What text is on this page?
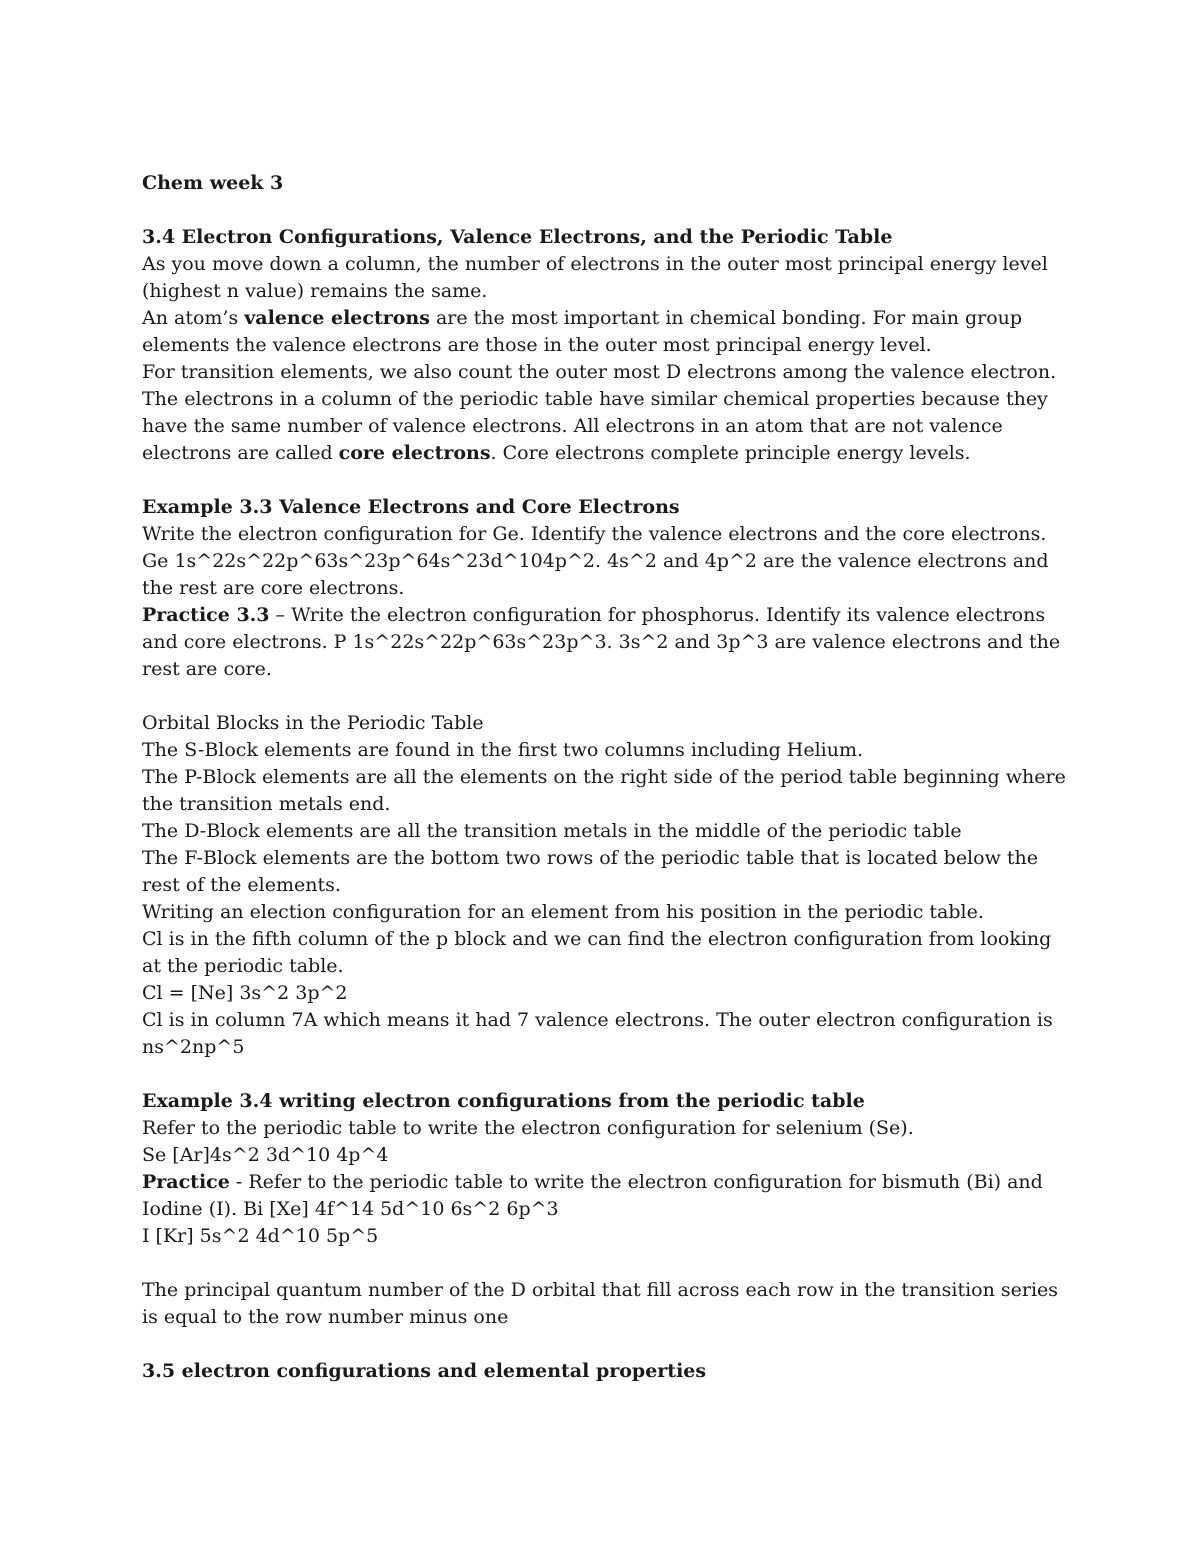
Chem week 3

3.4 Electron Configurations, Valence Electrons, and the Periodic Table

As you move down a column, the number of electrons in the outer most principal energy level (highest n value) remains the same.

An atom’s valence electrons are the most important in chemical bonding. For main group elements the valence electrons are those in the outer most principal energy level.

For transition elements, we also count the outer most D electrons among the valence electron.

The electrons in a column of the periodic table have similar chemical properties because they have the same number of valence electrons. All electrons in an atom that are not valence electrons are called core electrons. Core electrons complete principle energy levels.

Example 3.3 Valence Electrons and Core Electrons

Write the electron configuration for Ge. Identify the valence electrons and the core electrons.

Ge 1s^22s^22p^63s^23p^64s^23d^104p^2. 4s^2 and 4p^2 are the valence electrons and the rest are core electrons.

Practice 3.3 – Write the electron configuration for phosphorus. Identify its valence electrons and core electrons. P 1s^22s^22p^63s^23p^3. 3s^2 and 3p^3 are valence electrons and the rest are core.

Orbital Blocks in the Periodic Table

The S-Block elements are found in the first two columns including Helium.

The P-Block elements are all the elements on the right side of the period table beginning where the transition metals end.

The D-Block elements are all the transition metals in the middle of the periodic table

The F-Block elements are the bottom two rows of the periodic table that is located below the rest of the elements.

Writing an election configuration for an element from his position in the periodic table.

Cl is in the fifth column of the p block and we can find the electron configuration from looking at the periodic table.

Cl = [Ne] 3s^2 3p^2

Cl is in column 7A which means it had 7 valence electrons. The outer electron configuration is ns^2np^5

Example 3.4 writing electron configurations from the periodic table

Refer to the periodic table to write the electron configuration for selenium (Se).

Se [Ar]4s^2 3d^10 4p^4

Practice - Refer to the periodic table to write the electron configuration for bismuth (Bi) and Iodine (I). Bi [Xe] 4f^14 5d^10 6s^2 6p^3

I [Kr] 5s^2 4d^10 5p^5

The principal quantum number of the D orbital that fill across each row in the transition series is equal to the row number minus one

3.5 electron configurations and elemental properties
